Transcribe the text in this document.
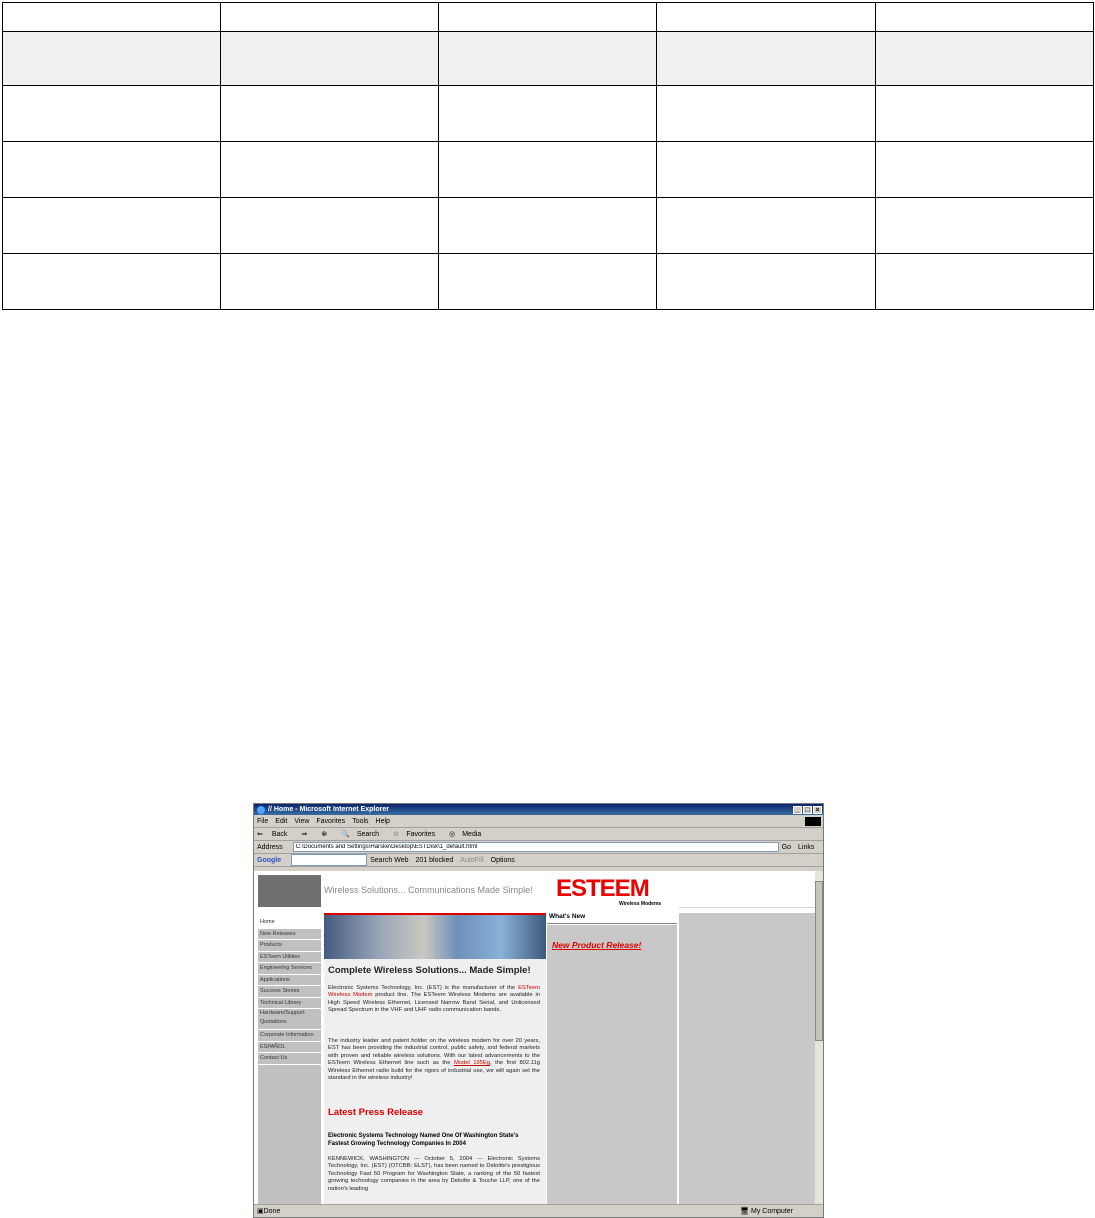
// Home - Microsoft Internet Explorer	_ □ ×
File Edit View Favorites Tools Help
⇐ Back	⇒	⊗	🔍 Search	☆ Favorites	◎ Media
Address
C:\Documents and Settings\Harske\Desktop\ESTDisk\1_default.html	Go Links
Google	Search Web 201 blocked AutoFill Options
Wireless Solutions... Communications Made Simple! ESTEEM
Wireless Modems
Home
New Releases
Products
ESTeem Utilities
Engineering Services
Applications
Success Stories
Technical Library
Hardware/Support Quotations
Corporate Information
ESPAÑOL
Contact Us
Complete Wireless Solutions... Made Simple!
Electronic Systems Technology, Inc. (EST) is the manufacturer of the ESTeem Wireless Modem product line. The ESTeem Wireless Modems are available in High Speed Wireless Ethernet, Licensed Narrow Band Serial, and Unlicensed Spread Spectrum in the VHF and UHF radio communication bands.
The industry leader and patent holder on the wireless modem for over 20 years, EST has been providing the industrial control, public safety, and federal markets with proven and reliable wireless solutions. With our latest advancements to the ESTeem Wireless Ethernet line such as the Model 195Eg, the first 802.11g Wireless Ethernet radio build for the rigors of industrial use, we will again set the standard in the wireless industry!
Latest Press Release
Electronic Systems Technology Named One Of Washington State's Fastest Growing Technology Companies In 2004
KENNEWICK, WASHINGTON --- October 5, 2004 --- Electronic Systems Technology, Inc. (EST) (OTCBB: ELST), has been named to Deloitte's prestigious Technology Fast 50 Program for Washington State, a ranking of the 50 fastest growing technology companies in the area by Deloitte & Touche LLP, one of the nation's leading
What's New
New Product Release!
▣ Done	🖥 My Computer
